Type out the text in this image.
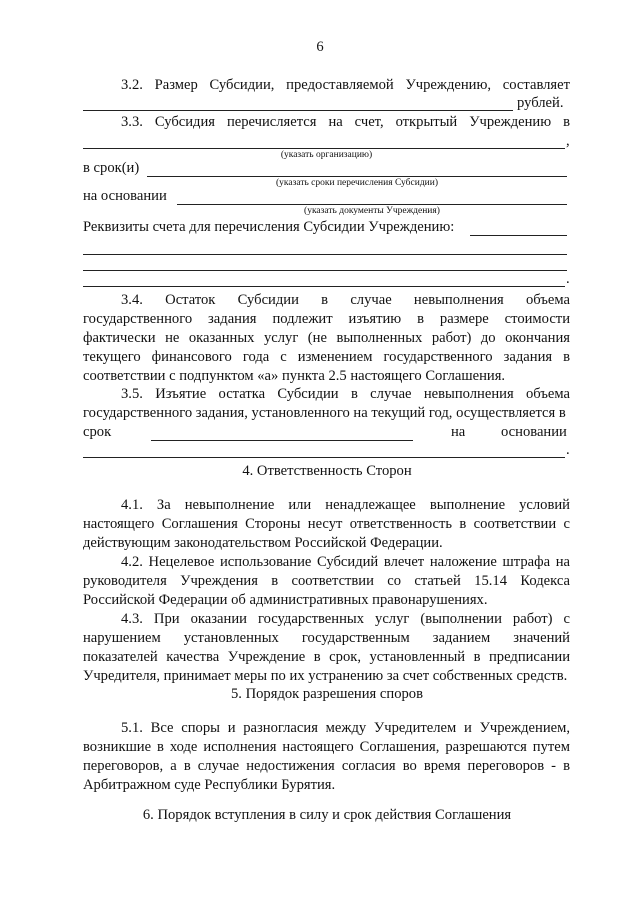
6
3.2. Размер Субсидии, предоставляемой Учреждению, составляет
рублей.
3.3. Субсидия перечисляется на счет, открытый Учреждению в
,
(указать организацию)
в срок(и)
(указать сроки перечисления Субсидии)
на основании
(указать документы Учреждения)
Реквизиты счета для перечисления Субсидии Учреждению:
.

3.4. Остаток Субсидии в случае невыполнения объема государственного задания подлежит изъятию в размере стоимости фактически не оказанных услуг (не выполненных работ) до окончания текущего финансового года с изменением государственного задания в соответствии с подпунктом «а» пункта 2.5 настоящего Соглашения.

3.5. Изъятие остатка Субсидии в случае невыполнения объема государственного задания, установленного на текущий год, осуществляется в

срок	на основании
.
4. Ответственность Сторон

4.1. За невыполнение или ненадлежащее выполнение условий настоящего Соглашения Стороны несут ответственность в соответствии с действующим законодательством Российской Федерации.

4.2. Нецелевое использование Субсидий влечет наложение штрафа на руководителя Учреждения в соответствии со статьей 15.14 Кодекса Российской Федерации об административных правонарушениях.

4.3. При оказании государственных услуг (выполнении работ) с нарушением установленных государственным заданием значений показателей качества Учреждение в срок, установленный в предписании Учредителя, принимает меры по их устранению за счет собственных средств.

5. Порядок разрешения споров

5.1. Все споры и разногласия между Учредителем и Учреждением, возникшие в ходе исполнения настоящего Соглашения, разрешаются путем переговоров, а в случае недостижения согласия во время переговоров - в Арбитражном суде Республики Бурятия.

6. Порядок вступления в силу и срок действия Соглашения
